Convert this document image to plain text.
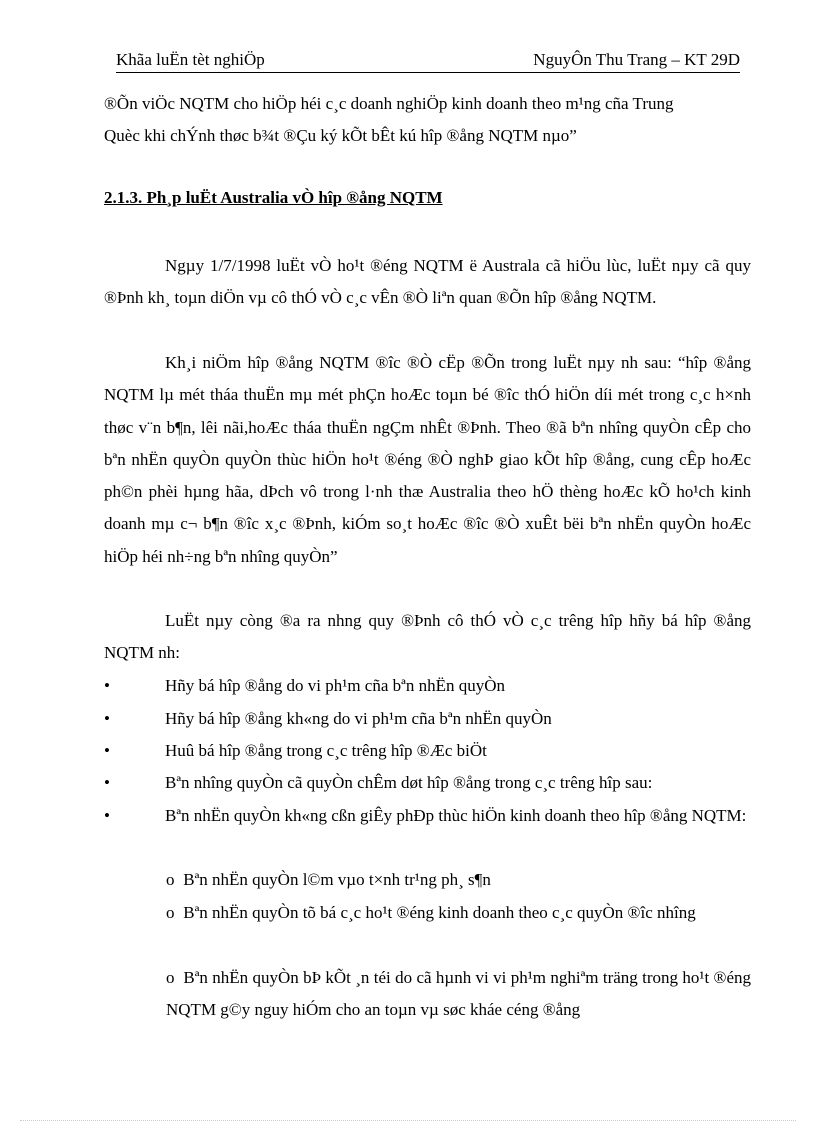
Khãa luËn tèt nghiÖp	NguyÔn Thu Trang – KT 29D
®Õn viÖc NQTM cho hiÖp héi c¸c doanh nghiÖp kinh doanh theo m¹ng cña Trung
Quèc khi chÝnh thøc b¾t ®Çu ký kÕt bÊt kú hîp ®ång NQTM nµo”
2.1.3. Ph¸p luËt Australia vÒ hîp ®ång NQTM
Ngµy 1/7/1998 luËt vÒ ho¹t ®éng NQTM ë Australa cã hiÖu lùc, luËt nµy cã quy ®Þnh kh¸ toµn diÖn vµ cô thÓ vÒ c¸c vÊn ®Ò liªn quan ®Õn hîp ®ång NQTM.
Kh¸i niÖm hîp ®ång NQTM ®îc ®Ò cËp ®Õn trong luËt nµy nh sau: “hîp ®ång NQTM lµ mét tháa thuËn mµ mét phÇn hoÆc toµn bé ®îc thÓ hiÖn díi mét trong c¸c h×nh thøc v¨n b¶n, lêi nãi,hoÆc tháa thuËn ngÇm nhÊt ®Þnh. Theo ®ã bªn nhîng quyÒn cÊp cho bªn nhËn quyÒn quyÒn thùc hiÖn ho¹t ®éng ®Ò nghÞ giao kÕt hîp ®ång, cung cÊp hoÆc ph©n phèi hµng hãa, dÞch vô trong l·nh thæ Australia theo hÖ thèng hoÆc kÕ ho¹ch kinh doanh mµ c¬ b¶n ®îc x¸c ®Þnh, kiÓm so¸t hoÆc ®îc ®Ò xuÊt bëi bªn nhËn quyÒn hoÆc hiÖp héi nh÷ng bªn nhîng quyÒn”
LuËt nµy còng ®a ra nhng quy ®Þnh cô thÓ vÒ c¸c trêng hîp hñy bá hîp ®ång NQTM nh:
•	Hñy bá hîp ®ång do vi ph¹m cña bªn nhËn quyÒn
•	Hñy bá hîp ®ång kh«ng do vi ph¹m cña bªn nhËn quyÒn
•	Huû bá hîp ®ång trong c¸c trêng hîp ®Æc biÖt
•	Bªn nhîng quyÒn cã quyÒn chÊm døt hîp ®ång trong c¸c trêng hîp sau:
•	Bªn nhËn quyÒn kh«ng cßn giÊy phÐp thùc hiÖn kinh doanh theo hîp ®ång NQTM:
o Bªn nhËn quyÒn l©m vµo t×nh tr¹ng ph¸ s¶n
o Bªn nhËn quyÒn tõ bá c¸c ho¹t ®éng kinh doanh theo c¸c quyÒn ®îc nhîng
o Bªn nhËn quyÒn bÞ kÕt ¸n téi do cã hµnh vi vi ph¹m nghiªm träng trong ho¹t ®éng NQTM g©y nguy hiÓm cho an toµn vµ søc kháe céng ®ång
